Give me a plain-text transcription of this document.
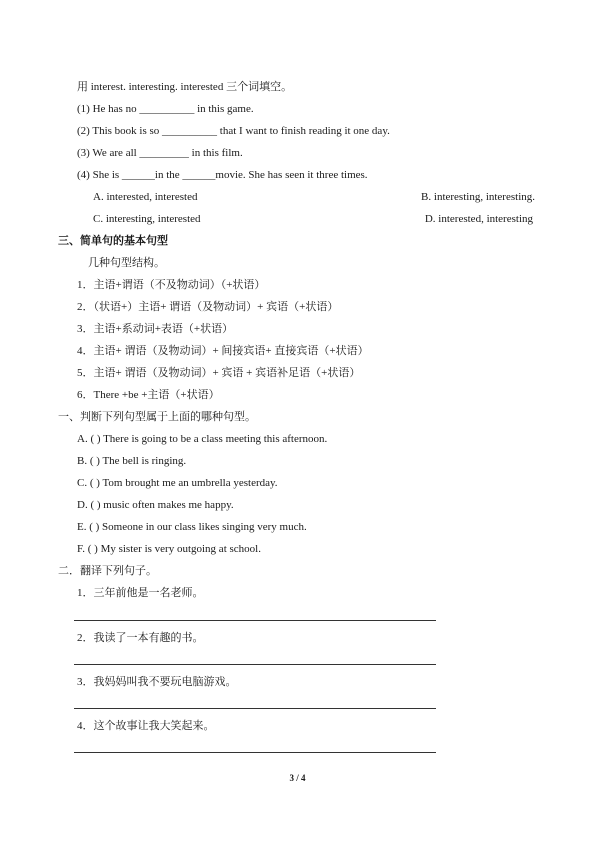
用 interest. interesting. interested 三个词填空。
(1) He has no __________ in this game.
(2) This book is so __________ that I want to finish reading it one day.
(3) We are all _________ in this film.
(4) She is ______in the ______movie. She has seen it three times.
A. interested, interested	B. interesting, interesting.
C. interesting, interested	D. interested, interesting
三、简单句的基本句型
几种句型结构。
1．主语+谓语（不及物动词）（+状语）
2．（状语+）主语+ 谓语（及物动词）+ 宾语（+状语）
3．主语+系动词+表语（+状语）
4．主语+ 谓语（及物动词）+ 间接宾语+ 直接宾语（+状语）
5．主语+ 谓语（及物动词）+ 宾语 + 宾语补足语（+状语）
6．There +be +主语（+状语）
一、判断下列句型属于上面的哪种句型。
A. ( ) There is going to be a class meeting this afternoon.
B. ( ) The bell is ringing.
C. ( ) Tom brought me an umbrella yesterday.
D. ( ) music often makes me happy.
E. ( ) Someone in our class likes singing very much.
F. ( ) My sister is very outgoing at school.
二．翻译下列句子。
1．三年前他是一名老师。
2．我读了一本有趣的书。
3．我妈妈叫我不要玩电脑游戏。
4．这个故事让我大笑起来。
3 / 4
